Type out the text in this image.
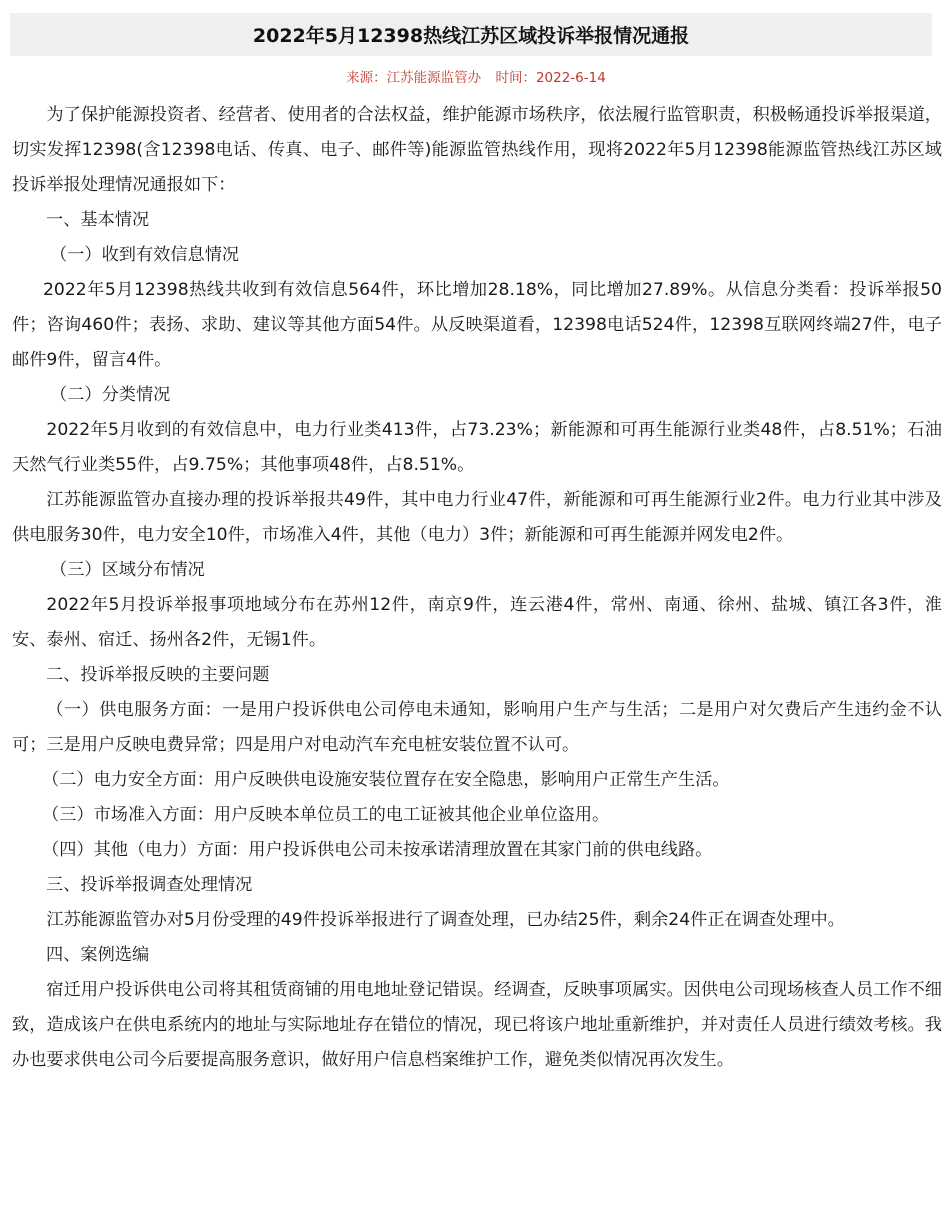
2022年5月12398热线江苏区域投诉举报情况通报
来源：江苏能源监管办 时间：2022-6-14

为了保护能源投资者、经营者、使用者的合法权益，维护能源市场秩序，依法履行监管职责，积极畅通投诉举报渠道，切实发挥12398(含12398电话、传真、电子、邮件等)能源监管热线作用，现将2022年5月12398能源监管热线江苏区域投诉举报处理情况通报如下：

一、基本情况

（一）收到有效信息情况

2022年5月12398热线共收到有效信息564件，环比增加28.18%，同比增加27.89%。从信息分类看：投诉举报50件；咨询460件；表扬、求助、建议等其他方面54件。从反映渠道看，12398电话524件，12398互联网终端27件，电子邮件9件，留言4件。

（二）分类情况

2022年5月收到的有效信息中，电力行业类413件，占73.23%；新能源和可再生能源行业类48件，占8.51%；石油天然气行业类55件，占9.75%；其他事项48件，占8.51%。

江苏能源监管办直接办理的投诉举报共49件，其中电力行业47件，新能源和可再生能源行业2件。电力行业其中涉及供电服务30件，电力安全10件，市场准入4件，其他（电力）3件；新能源和可再生能源并网发电2件。

（三）区域分布情况

2022年5月投诉举报事项地域分布在苏州12件，南京9件，连云港4件，常州、南通、徐州、盐城、镇江各3件，淮安、泰州、宿迁、扬州各2件，无锡1件。

二、投诉举报反映的主要问题

（一）供电服务方面：一是用户投诉供电公司停电未通知，影响用户生产与生活；二是用户对欠费后产生违约金不认可；三是用户反映电费异常；四是用户对电动汽车充电桩安装位置不认可。

（二）电力安全方面：用户反映供电设施安装位置存在安全隐患，影响用户正常生产生活。

（三）市场准入方面：用户反映本单位员工的电工证被其他企业单位盗用。

（四）其他（电力）方面：用户投诉供电公司未按承诺清理放置在其家门前的供电线路。

三、投诉举报调查处理情况

江苏能源监管办对5月份受理的49件投诉举报进行了调查处理，已办结25件，剩余24件正在调查处理中。

四、案例选编

宿迁用户投诉供电公司将其租赁商铺的用电地址登记错误。经调查，反映事项属实。因供电公司现场核查人员工作不细致，造成该户在供电系统内的地址与实际地址存在错位的情况，现已将该户地址重新维护，并对责任人员进行绩效考核。我办也要求供电公司今后要提高服务意识，做好用户信息档案维护工作，避免类似情况再次发生。
